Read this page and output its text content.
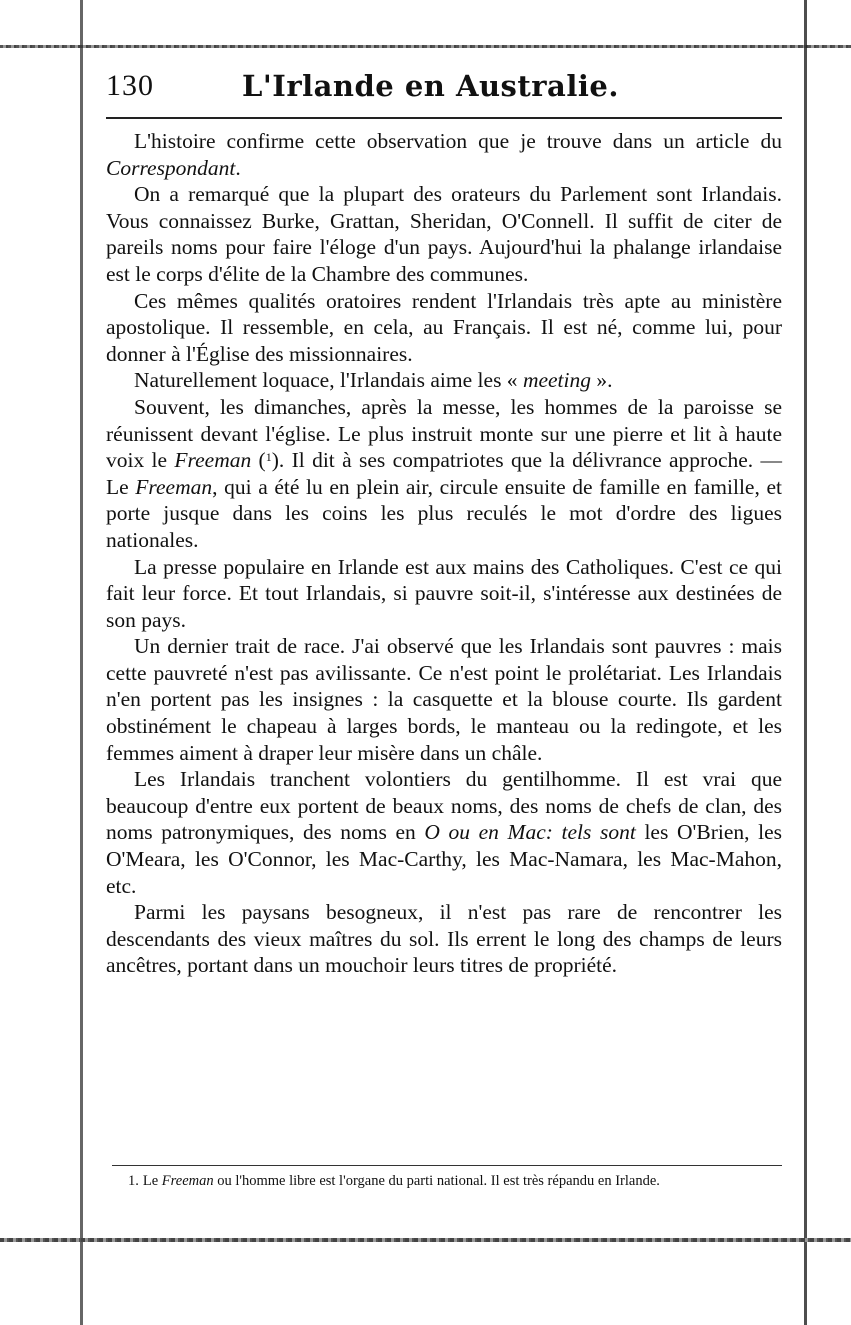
130	L'Irlande en Australie.

L'histoire confirme cette observation que je trouve dans un article du Correspondant.

On a remarqué que la plupart des orateurs du Parlement sont Irlandais. Vous connaissez Burke, Grattan, Sheridan, O'Connell. Il suffit de citer de pareils noms pour faire l'éloge d'un pays. Aujourd'hui la phalange irlandaise est le corps d'élite de la Chambre des communes.

Ces mêmes qualités oratoires rendent l'Irlandais très apte au ministère apostolique. Il ressemble, en cela, au Français. Il est né, comme lui, pour donner à l'Église des missionnaires.

Naturellement loquace, l'Irlandais aime les « meeting ».

Souvent, les dimanches, après la messe, les hommes de la paroisse se réunissent devant l'église. Le plus instruit monte sur une pierre et lit à haute voix le Freeman ($^1$). Il dit à ses compatriotes que la délivrance approche. — Le Freeman, qui a été lu en plein air, circule ensuite de famille en famille, et porte jusque dans les coins les plus reculés le mot d'ordre des ligues nationales.

La presse populaire en Irlande est aux mains des Catholiques. C'est ce qui fait leur force. Et tout Irlandais, si pauvre soit-il, s'intéresse aux destinées de son pays.

Un dernier trait de race. J'ai observé que les Irlandais sont pauvres : mais cette pauvreté n'est pas avilissante. Ce n'est point le prolétariat. Les Irlandais n'en portent pas les insignes : la casquette et la blouse courte. Ils gardent obstinément le chapeau à larges bords, le manteau ou la redingote, et les femmes aiment à draper leur misère dans un châle.

Les Irlandais tranchent volontiers du gentilhomme. Il est vrai que beaucoup d'entre eux portent de beaux noms, des noms de chefs de clan, des noms patronymiques, des noms en O ou en Mac: tels sont les O'Brien, les O'Meara, les O'Connor, les Mac-Carthy, les Mac-Namara, les Mac-Mahon, etc.

Parmi les paysans besogneux, il n'est pas rare de rencontrer les descendants des vieux maîtres du sol. Ils errent le long des champs de leurs ancêtres, portant dans un mouchoir leurs titres de propriété.

1. Le Freeman ou l'homme libre est l'organe du parti national. Il est très répandu en Irlande.
